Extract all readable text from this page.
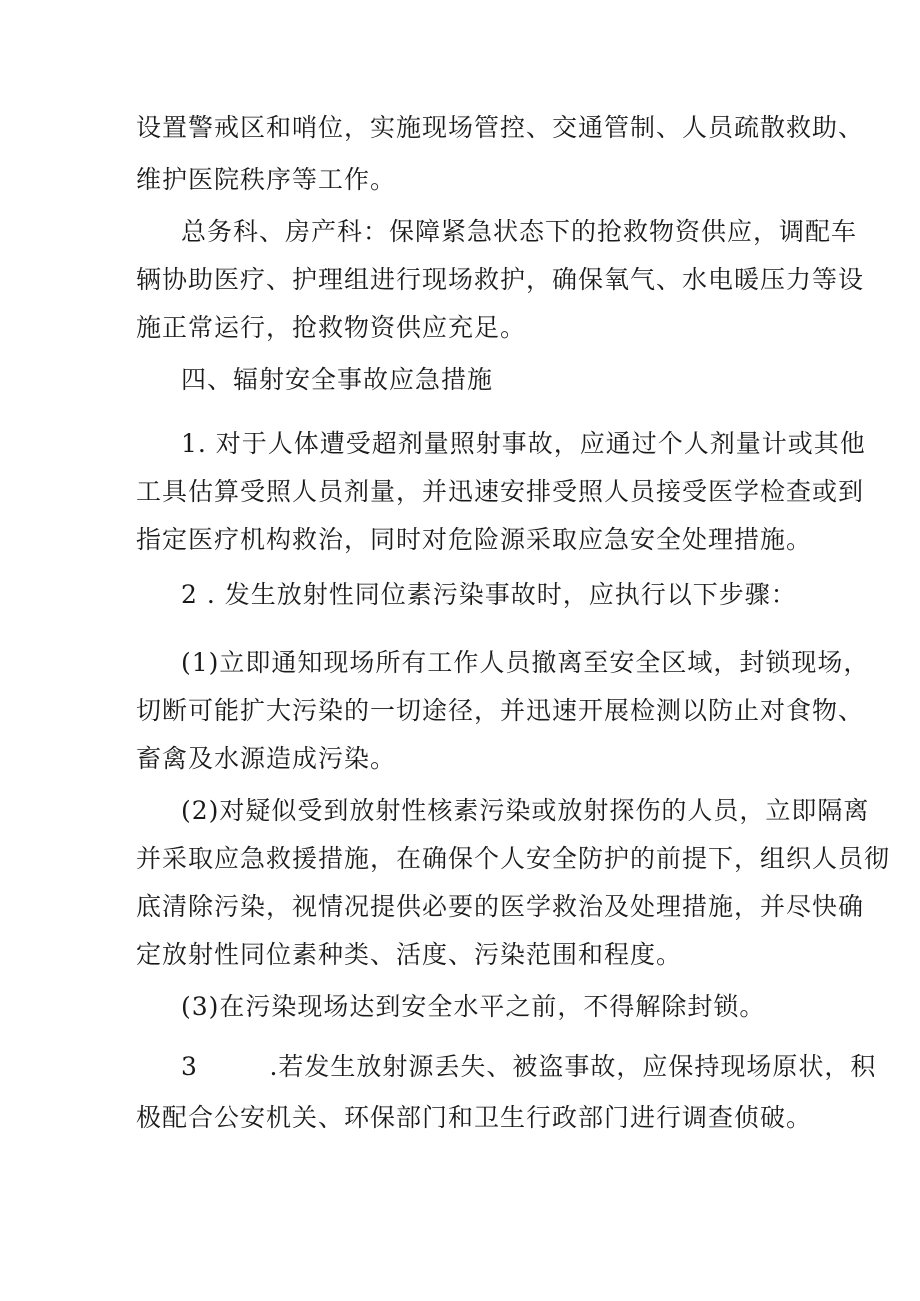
设置警戒区和哨位，实施现场管控、交通管制、人员疏散救助、
维护医院秩序等工作。
总务科、房产科：保障紧急状态下的抢救物资供应，调配车
辆协助医疗、护理组进行现场救护，确保氧气、水电暖压力等设
施正常运行，抢救物资供应充足。
四、辐射安全事故应急措施
1. 对于人体遭受超剂量照射事故，应通过个人剂量计或其他
工具估算受照人员剂量，并迅速安排受照人员接受医学检查或到
指定医疗机构救治，同时对危险源采取应急安全处理措施。
2 . 发生放射性同位素污染事故时，应执行以下步骤：
(1)立即通知现场所有工作人员撤离至安全区域，封锁现场，
切断可能扩大污染的一切途径，并迅速开展检测以防止对食物、
畜禽及水源造成污染。
(2)对疑似受到放射性核素污染或放射探伤的人员，立即隔离
并采取应急救援措施，在确保个人安全防护的前提下，组织人员彻
底清除污染，视情况提供必要的医学救治及处理措施，并尽快确
定放射性同位素种类、活度、污染范围和程度。
(3)在污染现场达到安全水平之前，不得解除封锁。
3        .若发生放射源丢失、被盗事故，应保持现场原状，积
极配合公安机关、环保部门和卫生行政部门进行调查侦破。
